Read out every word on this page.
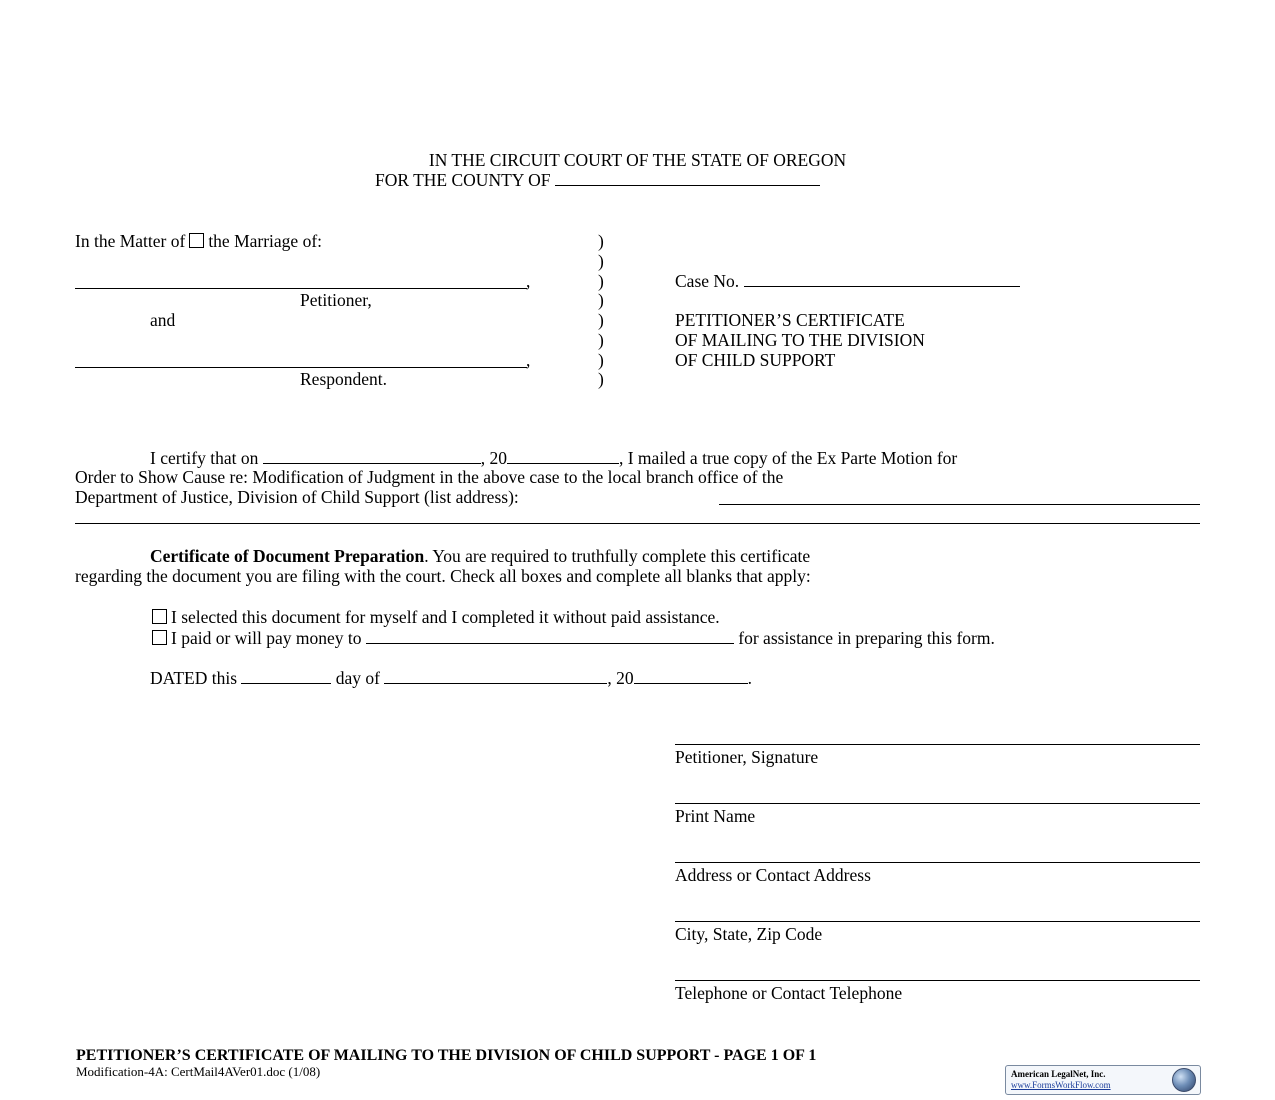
IN THE CIRCUIT COURT OF THE STATE OF OREGON
FOR THE COUNTY OF
In the Matter of the Marriage of:
,
Petitioner,
and
,
Respondent.
)
)
)
)
)
)
)
)
Case No.
PETITIONER’S CERTIFICATE
OF MAILING TO THE DIVISION
OF CHILD SUPPORT
I certify that on	, 20	, I mailed a true copy of the Ex Parte Motion for
Order to Show Cause re: Modification of Judgment in the above case to the local branch office of the
Department of Justice, Division of Child Support (list address):
Certificate of Document Preparation. You are required to truthfully complete this certificate
regarding the document you are filing with the court. Check all boxes and complete all blanks that apply:
I selected this document for myself and I completed it without paid assistance.
I paid or will pay money to	for assistance in preparing this form.
DATED this	day of	, 20	.
Petitioner, Signature
Print Name
Address or Contact Address
City, State, Zip Code
Telephone or Contact Telephone
PETITIONER’S CERTIFICATE OF MAILING TO THE DIVISION OF CHILD SUPPORT - PAGE 1 OF 1
Modification-4A: CertMail4AVer01.doc (1/08)	American LegalNet, Inc.
www.FormsWorkFlow.com
